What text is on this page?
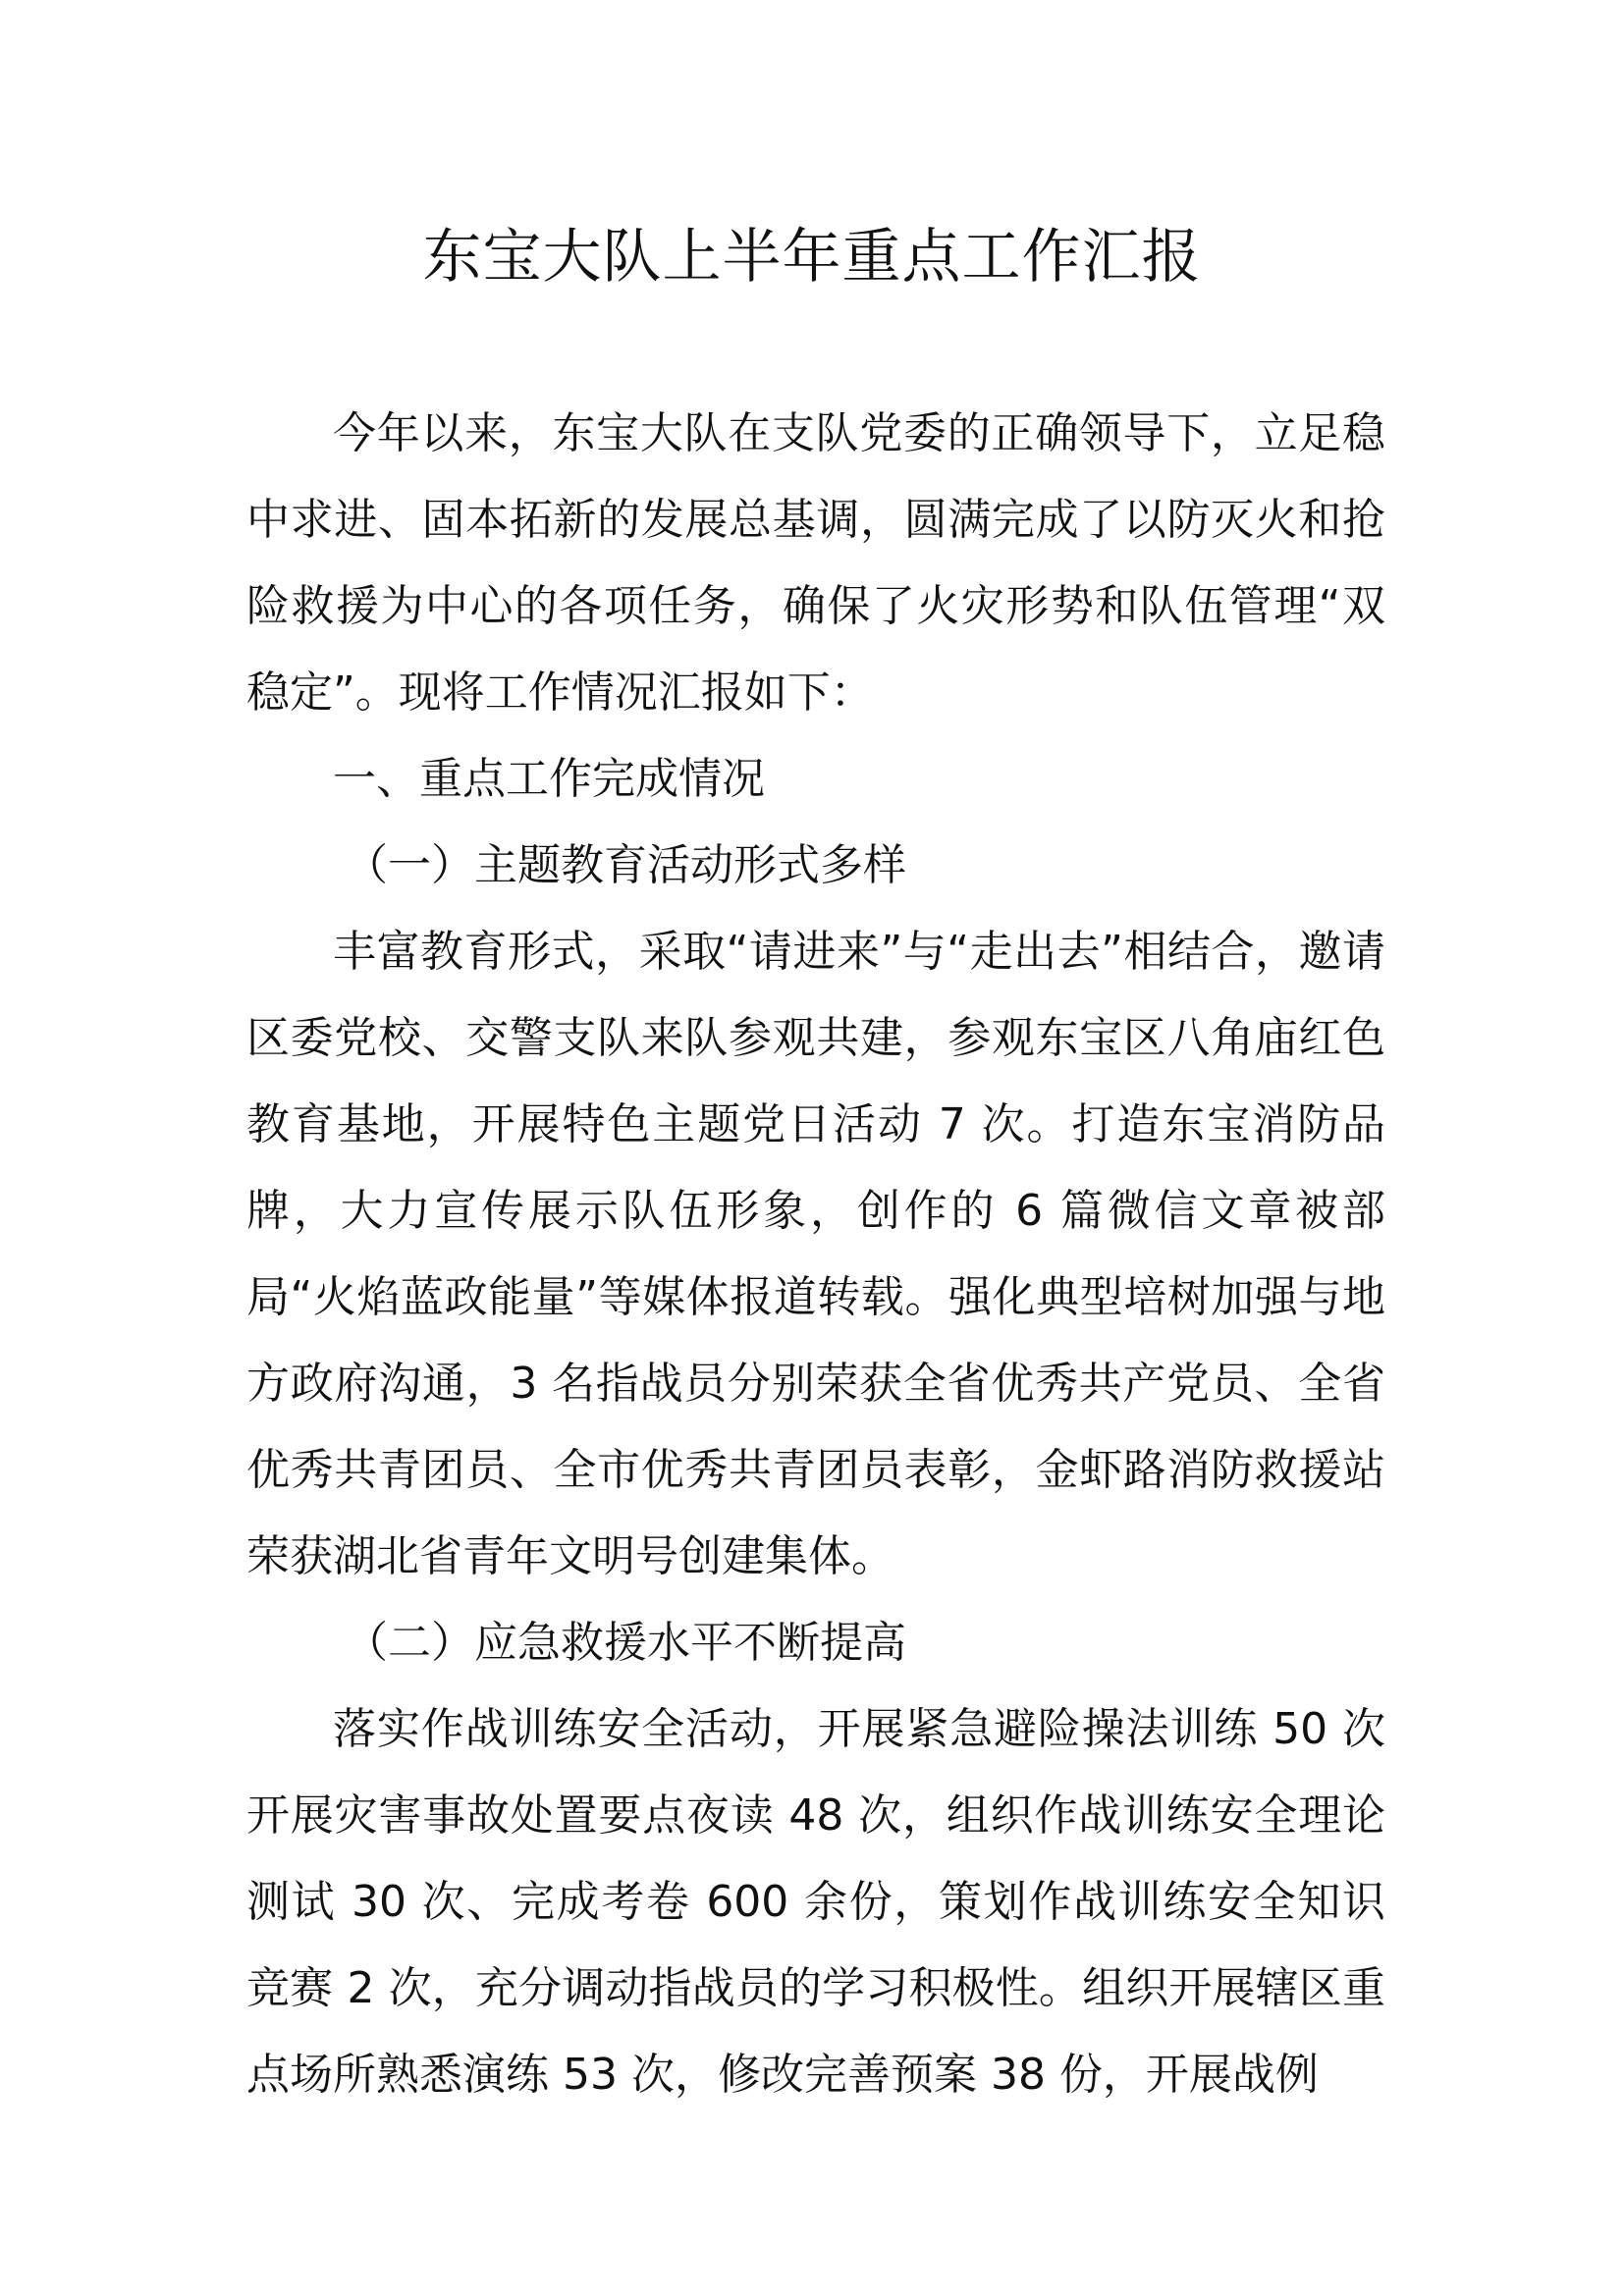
东宝大队上半年重点工作汇报

今年以来，东宝大队在支队党委的正确领导下，立足稳中求进、固本拓新的发展总基调，圆满完成了以防灭火和抢险救援为中心的各项任务，确保了火灾形势和队伍管理“双稳定”。现将工作情况汇报如下：

一、重点工作完成情况

（一）主题教育活动形式多样

丰富教育形式，采取“请进来”与“走出去”相结合，邀请区委党校、交警支队来队参观共建，参观东宝区八角庙红色教育基地，开展特色主题党日活动 7 次。打造东宝消防品牌，大力宣传展示队伍形象，创作的 6 篇微信文章被部局“火焰蓝政能量”等媒体报道转载。强化典型培树加强与地方政府沟通，3 名指战员分别荣获全省优秀共产党员、全省优秀共青团员、全市优秀共青团员表彰，金虾路消防救援站荣获湖北省青年文明号创建集体。

（二）应急救援水平不断提高

落实作战训练安全活动，开展紧急避险操法训练 50 次开展灾害事故处置要点夜读 48 次，组织作战训练安全理论测试 30 次、完成考卷 600 余份，策划作战训练安全知识竞赛 2 次，充分调动指战员的学习积极性。组织开展辖区重点场所熟悉演练 53 次，修改完善预案 38 份，开展战例
